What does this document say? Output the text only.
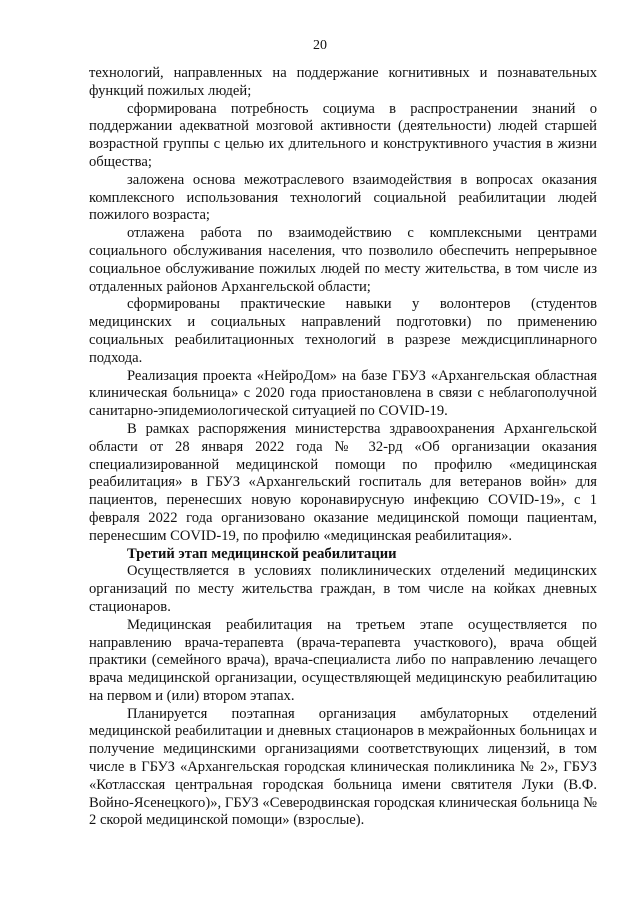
20

технологий, направленных на поддержание когнитивных и познавательных функций пожилых людей;

сформирована потребность социума в распространении знаний о поддержании адекватной мозговой активности (деятельности) людей старшей возрастной группы с целью их длительного и конструктивного участия в жизни общества;

заложена основа межотраслевого взаимодействия в вопросах оказания комплексного использования технологий социальной реабилитации людей пожилого возраста;

отлажена работа по взаимодействию с комплексными центрами социального обслуживания населения, что позволило обеспечить непрерывное социальное обслуживание пожилых людей по месту жительства, в том числе из отдаленных районов Архангельской области;

сформированы практические навыки у волонтеров (студентов медицинских и социальных направлений подготовки) по применению социальных реабилитационных технологий в разрезе междисциплинарного подхода.

Реализация проекта «НейроДом» на базе ГБУЗ «Архангельская областная клиническая больница» с 2020 года приостановлена в связи с неблагополучной санитарно-эпидемиологической ситуацией по COVID-19.

В рамках распоряжения министерства здравоохранения Архангельской области от 28 января 2022 года № 32-рд «Об организации оказания специализированной медицинской помощи по профилю «медицинская реабилитация» в ГБУЗ «Архангельский госпиталь для ветеранов войн» для пациентов, перенесших новую коронавирусную инфекцию COVID-19», с 1 февраля 2022 года организовано оказание медицинской помощи пациентам, перенесшим COVID-19, по профилю «медицинская реабилитация».

Третий этап медицинской реабилитации

Осуществляется в условиях поликлинических отделений медицинских организаций по месту жительства граждан, в том числе на койках дневных стационаров.

Медицинская реабилитация на третьем этапе осуществляется по направлению врача-терапевта (врача-терапевта участкового), врача общей практики (семейного врача), врача-специалиста либо по направлению лечащего врача медицинской организации, осуществляющей медицинскую реабилитацию на первом и (или) втором этапах.

Планируется поэтапная организация амбулаторных отделений медицинской реабилитации и дневных стационаров в межрайонных больницах и получение медицинскими организациями соответствующих лицензий, в том числе в ГБУЗ «Архангельская городская клиническая поликлиника № 2», ГБУЗ «Котласская центральная городская больница имени святителя Луки (В.Ф. Войно-Ясенецкого)», ГБУЗ «Северодвинская городская клиническая больница № 2 скорой медицинской помощи» (взрослые).
